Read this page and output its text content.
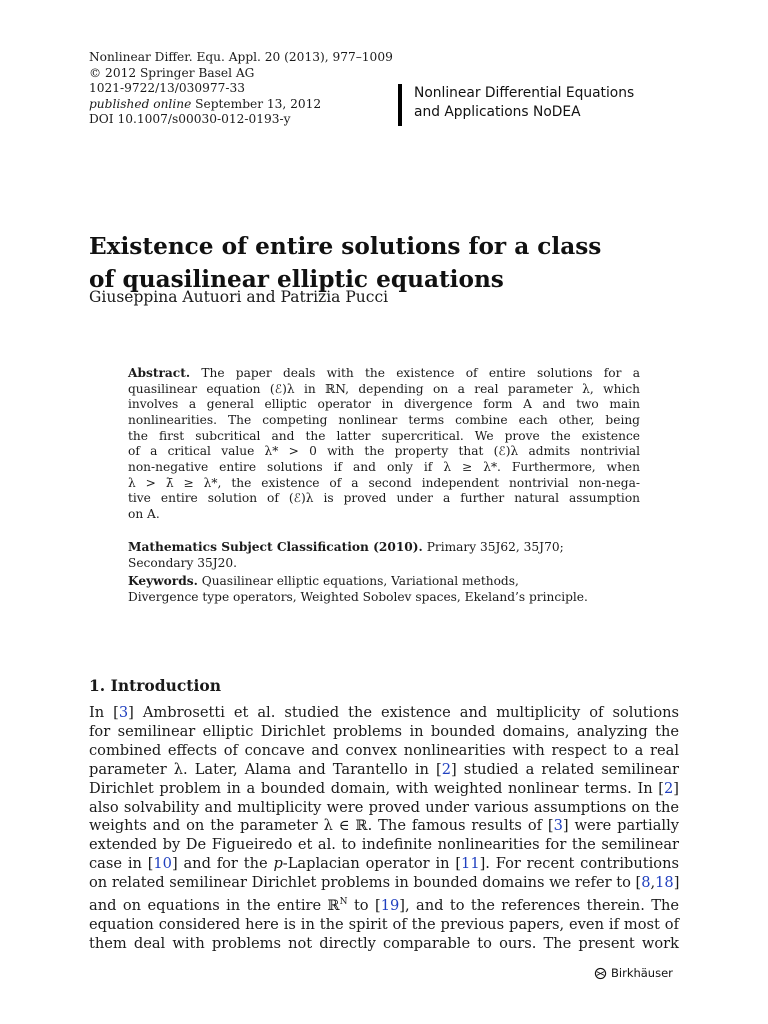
Nonlinear Differ. Equ. Appl. 20 (2013), 977–1009
© 2012 Springer Basel AG
1021-9722/13/030977-33
published online September 13, 2012
DOI 10.1007/s00030-012-0193-y
Nonlinear Differential Equations
and Applications NoDEA
Existence of entire solutions for a class
of quasilinear elliptic equations
Giuseppina Autuori and Patrizia Pucci
Abstract. The paper deals with the existence of entire solutions for a
quasilinear equation (ℰ)λ in ℝN, depending on a real parameter λ, which
involves a general elliptic operator in divergence form A and two main
nonlinearities. The competing nonlinear terms combine each other, being
the first subcritical and the latter supercritical. We prove the existence
of a critical value λ* > 0 with the property that (ℰ)λ admits nontrivial
non-negative entire solutions if and only if λ ≥ λ*. Furthermore, when
λ > λ̄ ≥ λ*, the existence of a second independent nontrivial non-nega-
tive entire solution of (ℰ)λ is proved under a further natural assumption
on A.
Mathematics Subject Classification (2010). Primary 35J62, 35J70;
Secondary 35J20.
Keywords. Quasilinear elliptic equations, Variational methods,
Divergence type operators, Weighted Sobolev spaces, Ekeland’s principle.
1. Introduction
In [3] Ambrosetti et al. studied the existence and multiplicity of solutions
for semilinear elliptic Dirichlet problems in bounded domains, analyzing the
combined effects of concave and convex nonlinearities with respect to a real
parameter λ. Later, Alama and Tarantello in [2] studied a related semilinear
Dirichlet problem in a bounded domain, with weighted nonlinear terms. In [2]
also solvability and multiplicity were proved under various assumptions on the
weights and on the parameter λ ∈ ℝ. The famous results of [3] were partially
extended by De Figueiredo et al. to indefinite nonlinearities for the semilinear
case in [10] and for the p-Laplacian operator in [11]. For recent contributions
on related semilinear Dirichlet problems in bounded domains we refer to [8,18]
and on equations in the entire ℝ$^N$ to [19], and to the references therein. The
equation considered here is in the spirit of the previous papers, even if most of
them deal with problems not directly comparable to ours. The present work
Birkhäuser
